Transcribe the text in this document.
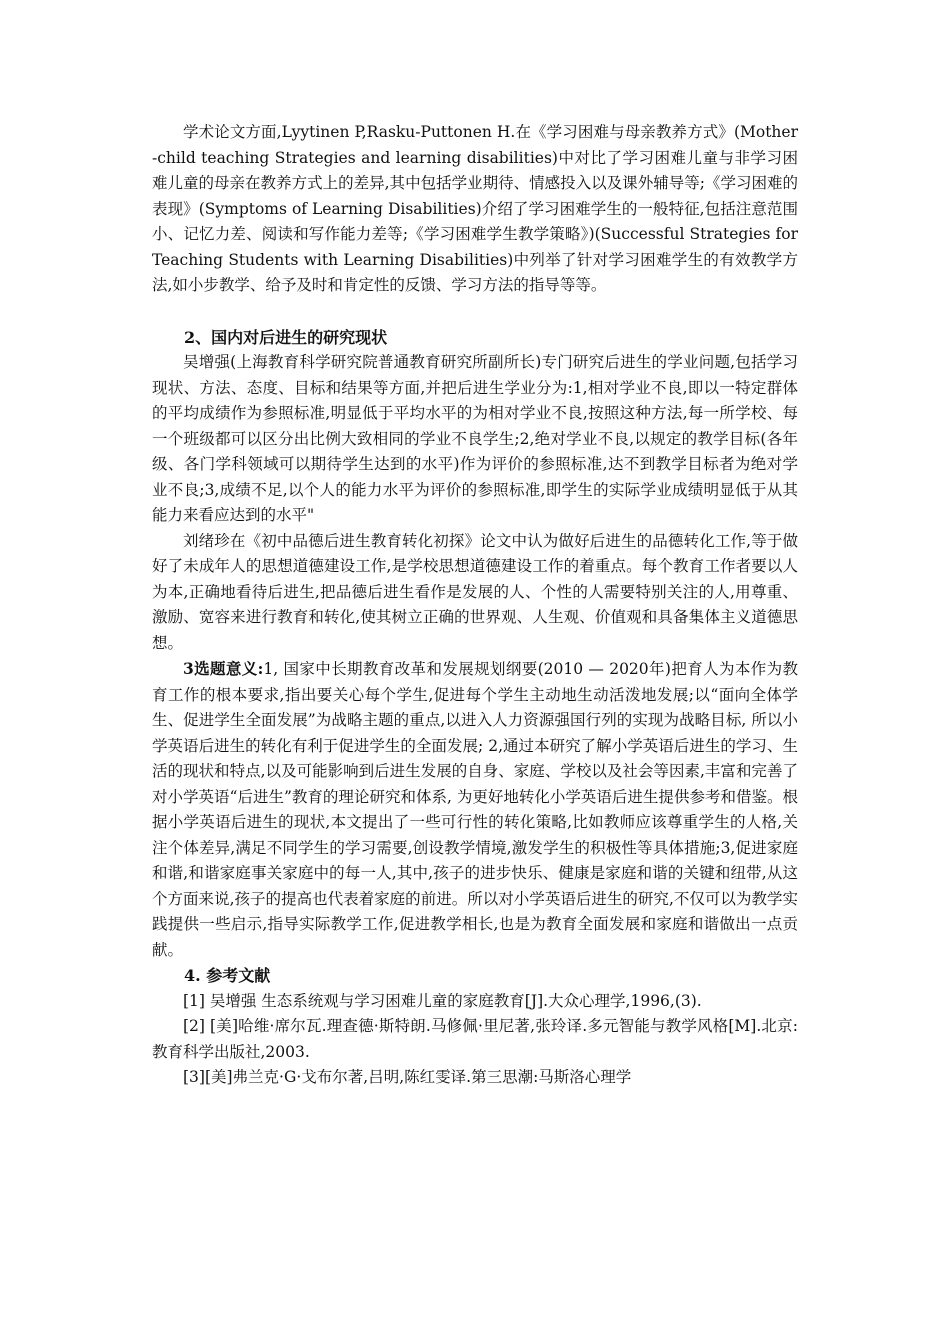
学术论文方面,Lyytinen P,Rasku-Puttonen H.在《学习困难与母亲教养方式》(Mother-child teaching Strategies and learning disabilities)中对比了学习困难儿童与非学习困难儿童的母亲在教养方式上的差异,其中包括学业期待、情感投入以及课外辅导等;《学习困难的表现》(Symptoms of Learning Disabilities)介绍了学习困难学生的一般特征,包括注意范围小、记忆力差、阅读和写作能力差等;《学习困难学生教学策略》)(Successful Strategies for Teaching Students with Learning Disabilities)中列举了针对学习困难学生的有效教学方法,如小步教学、给予及时和肯定性的反馈、学习方法的指导等等。

2、国内对后进生的研究现状

吴增强(上海教育科学研究院普通教育研究所副所长)专门研究后进生的学业问题,包括学习现状、方法、态度、目标和结果等方面,并把后进生学业分为:1,相对学业不良,即以一特定群体的平均成绩作为参照标准,明显低于平均水平的为相对学业不良,按照这种方法,每一所学校、每一个班级都可以区分出比例大致相同的学业不良学生;2,绝对学业不良,以规定的教学目标(各年级、各门学科领域可以期待学生达到的水平)作为评价的参照标准,达不到教学目标者为绝对学业不良;3,成绩不足,以个人的能力水平为评价的参照标准,即学生的实际学业成绩明显低于从其能力来看应达到的水平"

刘绪珍在《初中品德后进生教育转化初探》论文中认为做好后进生的品德转化工作,等于做好了未成年人的思想道德建设工作,是学校思想道德建设工作的着重点。每个教育工作者要以人为本,正确地看待后进生,把品德后进生看作是发展的人、个性的人需要特别关注的人,用尊重、激励、宽容来进行教育和转化,使其树立正确的世界观、人生观、价值观和具备集体主义道德思想。

3选题意义:1, 国家中长期教育改革和发展规划纲要(2010 — 2020年)把育人为本作为教育工作的根本要求,指出要关心每个学生,促进每个学生主动地生动活泼地发展;以“面向全体学生、促进学生全面发展”为战略主题的重点,以进入人力资源强国行列的实现为战略目标, 所以小学英语后进生的转化有利于促进学生的全面发展; 2,通过本研究了解小学英语后进生的学习、生活的现状和特点,以及可能影响到后进生发展的自身、家庭、学校以及社会等因素,丰富和完善了对小学英语“后进生”教育的理论研究和体系, 为更好地转化小学英语后进生提供参考和借鉴。根据小学英语后进生的现状,本文提出了一些可行性的转化策略,比如教师应该尊重学生的人格,关注个体差异,满足不同学生的学习需要,创设教学情境,激发学生的积极性等具体措施;3,促进家庭和谐,和谐家庭事关家庭中的每一人,其中,孩子的进步快乐、健康是家庭和谐的关键和纽带,从这个方面来说,孩子的提高也代表着家庭的前进。所以对小学英语后进生的研究,不仅可以为教学实践提供一些启示,指导实际教学工作,促进教学相长,也是为教育全面发展和家庭和谐做出一点贡献。

4. 参考文献

[1] 吴增强 生态系统观与学习困难儿童的家庭教育[J].大众心理学,1996,(3).

[2] [美]哈维·席尔瓦.理查德·斯特朗.马修佩·里尼著,张玲译.多元智能与教学风格[M].北京:教育科学出版社,2003.

[3][美]弗兰克·G·戈布尔著,吕明,陈红雯译.第三思潮:马斯洛心理学
